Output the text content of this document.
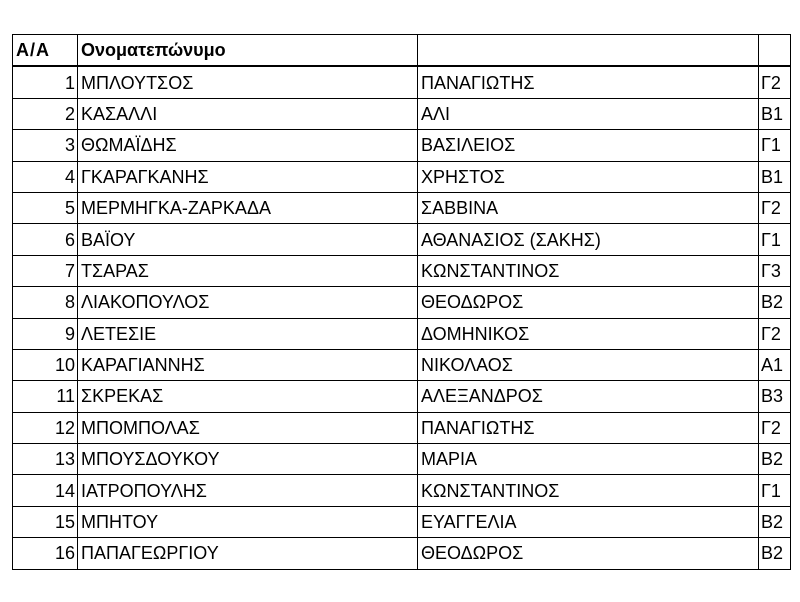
A/A	Ονοματεπώνυμο		
1	ΜΠΛΟΥΤΣΟΣ	ΠΑΝΑΓΙΩΤΗΣ	Γ2
2	ΚΑΣΑΛΛΙ	ΑΛΙ	Β1
3	ΘΩΜΑΪΔΗΣ	ΒΑΣΙΛΕΙΟΣ	Γ1
4	ΓΚΑΡΑΓΚΑΝΗΣ	ΧΡΗΣΤΟΣ	Β1
5	ΜΕΡΜΗΓΚΑ-ΖΑΡΚΑΔΑ	ΣΑΒΒΙΝΑ	Γ2
6	ΒΑΪΟΥ	ΑΘΑΝΑΣΙΟΣ (ΣΑΚΗΣ)	Γ1
7	ΤΣΑΡΑΣ	ΚΩΝΣΤΑΝΤΙΝΟΣ	Γ3
8	ΛΙΑΚΟΠΟΥΛΟΣ	ΘΕΟΔΩΡΟΣ	Β2
9	ΛΕΤΕΣΙΕ	ΔΟΜΗΝΙΚΟΣ	Γ2
10	ΚΑΡΑΓΙΑΝΝΗΣ	ΝΙΚΟΛΑΟΣ	Α1
11	ΣΚΡΕΚΑΣ	ΑΛΕΞΑΝΔΡΟΣ	Β3
12	ΜΠΟΜΠΟΛΑΣ	ΠΑΝΑΓΙΩΤΗΣ	Γ2
13	ΜΠΟΥΣΔΟΥΚΟΥ	ΜΑΡΙΑ	Β2
14	ΙΑΤΡΟΠΟΥΛΗΣ	ΚΩΝΣΤΑΝΤΙΝΟΣ	Γ1
15	ΜΠΗΤΟΥ	ΕΥΑΓΓΕΛΙΑ	Β2
16	ΠΑΠΑΓΕΩΡΓΙΟΥ	ΘΕΟΔΩΡΟΣ	Β2
